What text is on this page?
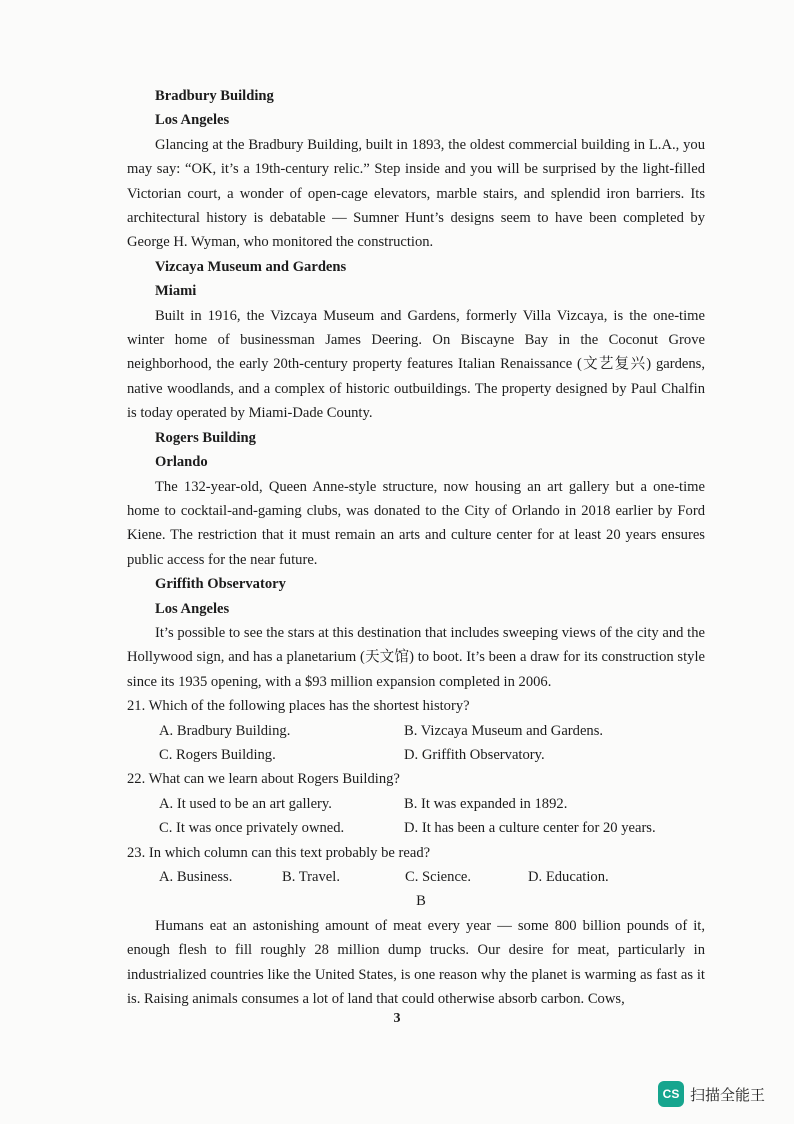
Bradbury Building

Los Angeles

Glancing at the Bradbury Building, built in 1893, the oldest commercial building in L.A., you may say: “OK, it’s a 19th-century relic.” Step inside and you will be surprised by the light-filled Victorian court, a wonder of open-cage elevators, marble stairs, and splendid iron barriers. Its architectural history is debatable — Sumner Hunt’s designs seem to have been completed by George H. Wyman, who monitored the construction.

Vizcaya Museum and Gardens

Miami

Built in 1916, the Vizcaya Museum and Gardens, formerly Villa Vizcaya, is the one-time winter home of businessman James Deering. On Biscayne Bay in the Coconut Grove neighborhood, the early 20th-century property features Italian Renaissance (文艺复兴) gardens, native woodlands, and a complex of historic outbuildings. The property designed by Paul Chalfin is today operated by Miami-Dade County.

Rogers Building

Orlando

The 132-year-old, Queen Anne-style structure, now housing an art gallery but a one-time home to cocktail-and-gaming clubs, was donated to the City of Orlando in 2018 earlier by Ford Kiene. The restriction that it must remain an arts and culture center for at least 20 years ensures public access for the near future.

Griffith Observatory

Los Angeles

It’s possible to see the stars at this destination that includes sweeping views of the city and the Hollywood sign, and has a planetarium (天文馆) to boot. It’s been a draw for its construction style since its 1935 opening, with a $93 million expansion completed in 2006.

21. Which of the following places has the shortest history?

A. Bradbury Building.	B. Vizcaya Museum and Gardens.
C. Rogers Building.	D. Griffith Observatory.

22. What can we learn about Rogers Building?

A. It used to be an art gallery.	B. It was expanded in 1892.
C. It was once privately owned.	D. It has been a culture center for 20 years.

23. In which column can this text probably be read?

A. Business.	B. Travel.	C. Science.	D. Education.

B

Humans eat an astonishing amount of meat every year — some 800 billion pounds of it, enough flesh to fill roughly 28 million dump trucks. Our desire for meat, particularly in industrialized countries like the United States, is one reason why the planet is warming as fast as it is. Raising animals consumes a lot of land that could otherwise absorb carbon. Cows,

3
CS 扫描全能王
